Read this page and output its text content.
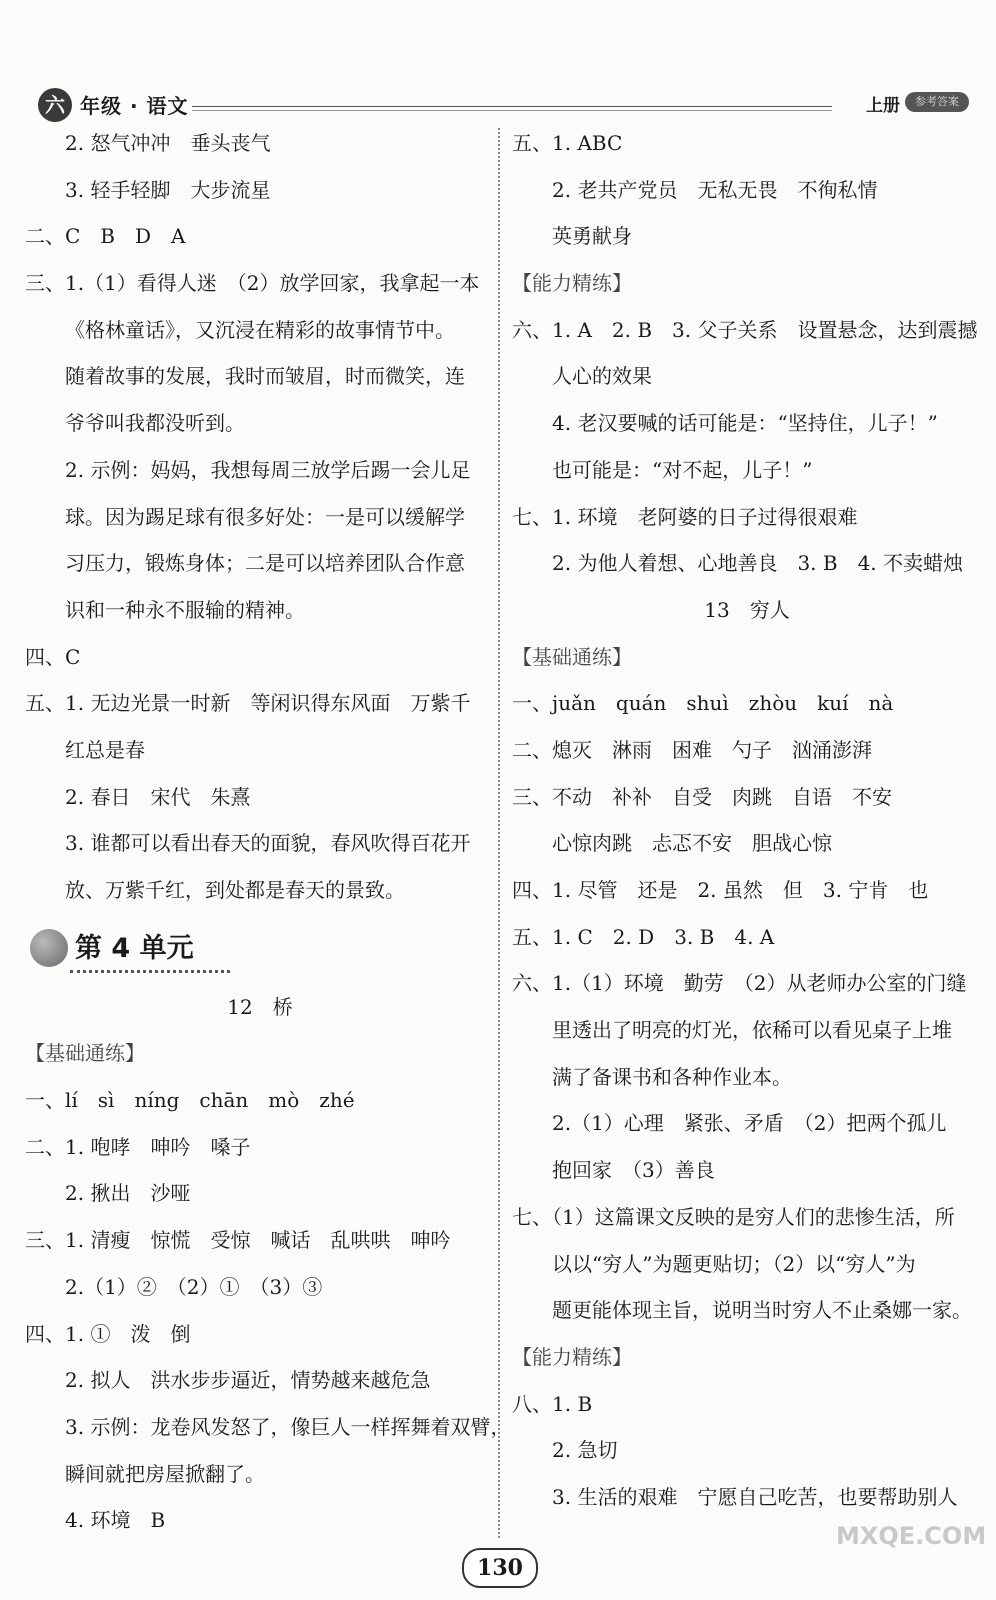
六 年级 · 语文	上册	参考答案
2. 怒气冲冲　垂头丧气
3. 轻手轻脚　大步流星
二、C　B　D　A
三、1.（1）看得人迷　（2）放学回家，我拿起一本
《格林童话》，又沉浸在精彩的故事情节中。
随着故事的发展，我时而皱眉，时而微笑，连
爷爷叫我都没听到。
2. 示例：妈妈，我想每周三放学后踢一会儿足
球。因为踢足球有很多好处：一是可以缓解学
习压力，锻炼身体；二是可以培养团队合作意
识和一种永不服输的精神。
四、C
五、1. 无边光景一时新　等闲识得东风面　万紫千
红总是春
2. 春日　宋代　朱熹
3. 谁都可以看出春天的面貌，春风吹得百花开
放、万紫千红，到处都是春天的景致。
第 4 单元
12　桥
【基础通练】
一、lí　sì　níng　chān　mò　zhé
二、1. 咆哮　呻吟　嗓子
2. 揪出　沙哑
三、1. 清瘦　惊慌　受惊　喊话　乱哄哄　呻吟
2.（1）②　（2）①　（3）③
四、1. ①　泼　倒
2. 拟人　洪水步步逼近，情势越来越危急
3. 示例：龙卷风发怒了，像巨人一样挥舞着双臂，
瞬间就把房屋掀翻了。
4. 环境　B
五、1. ABC
2. 老共产党员　无私无畏　不徇私情
英勇献身
【能力精练】
六、1. A　2. B　3. 父子关系　设置悬念，达到震撼
人心的效果
4. 老汉要喊的话可能是：“坚持住，儿子！”
也可能是：“对不起，儿子！”
七、1. 环境　老阿婆的日子过得很艰难
2. 为他人着想、心地善良　3. B　4. 不卖蜡烛
13　穷人
【基础通练】
一、juǎn　quán　shuì　zhòu　kuí　nà
二、熄灭　淋雨　困难　勺子　汹涌澎湃
三、不动　补补　自受　肉跳　自语　不安
心惊肉跳　忐忑不安　胆战心惊
四、1. 尽管　还是　2. 虽然　但　3. 宁肯　也
五、1. C　2. D　3. B　4. A
六、1.（1）环境　勤劳　（2）从老师办公室的门缝
里透出了明亮的灯光，依稀可以看见桌子上堆
满了备课书和各种作业本。
2.（1）心理　紧张、矛盾　（2）把两个孤儿
抱回家　（3）善良
七、（1）这篇课文反映的是穷人们的悲惨生活，所
以以“穷人”为题更贴切；（2）以“穷人”为
题更能体现主旨，说明当时穷人不止桑娜一家。
【能力精练】
八、1. B
2. 急切
3. 生活的艰难　宁愿自己吃苦，也要帮助别人
130
MXQE.COM
